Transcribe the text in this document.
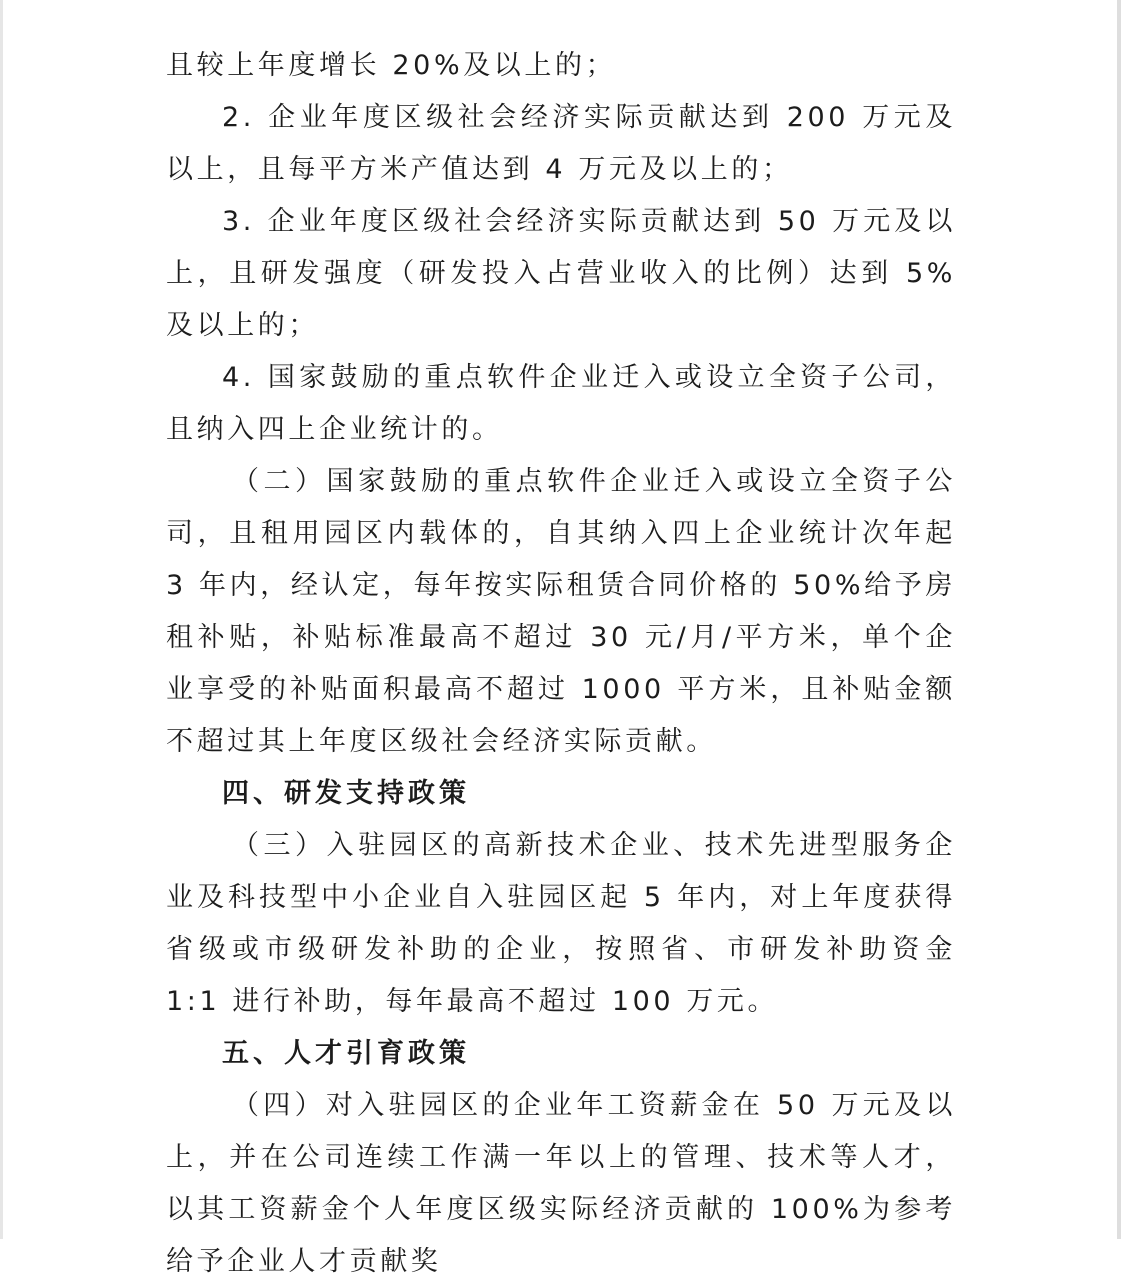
且较上年度增长 20%及以上的；

2. 企业年度区级社会经济实际贡献达到 200 万元及以上，且每平方米产值达到 4 万元及以上的；

3. 企业年度区级社会经济实际贡献达到 50 万元及以上，且研发强度（研发投入占营业收入的比例）达到 5%及以上的；

4. 国家鼓励的重点软件企业迁入或设立全资子公司，且纳入四上企业统计的。

（二）国家鼓励的重点软件企业迁入或设立全资子公司，且租用园区内载体的，自其纳入四上企业统计次年起 3 年内，经认定，每年按实际租赁合同价格的 50%给予房租补贴，补贴标准最高不超过 30 元/月/平方米，单个企业享受的补贴面积最高不超过 1000 平方米，且补贴金额不超过其上年度区级社会经济实际贡献。

四、研发支持政策

（三）入驻园区的高新技术企业、技术先进型服务企业及科技型中小企业自入驻园区起 5 年内，对上年度获得省级或市级研发补助的企业，按照省、市研发补助资金 1:1 进行补助，每年最高不超过 100 万元。

五、人才引育政策

（四）对入驻园区的企业年工资薪金在 50 万元及以上，并在公司连续工作满一年以上的管理、技术等人才，以其工资薪金个人年度区级实际经济贡献的 100%为参考给予企业人才贡献奖
